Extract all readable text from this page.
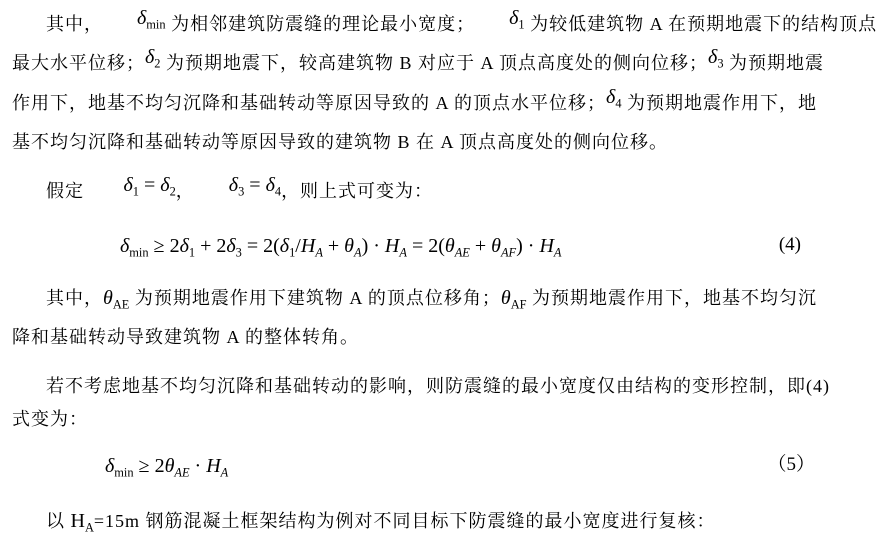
其中， $\delta_{min}$ 为相邻建筑防震缝的理论最小宽度； $\delta_1$ 为较低建筑物 A 在预期地震下的结构顶点
最大水平位移；$\delta_2$ 为预期地震下，较高建筑物 B 对应于 A 顶点高度处的侧向位移；$\delta_3$ 为预期地震
作用下，地基不均匀沉降和基础转动等原因导致的 A 的顶点水平位移；$\delta_4$ 为预期地震作用下，地
基不均匀沉降和基础转动等原因导致的建筑物 B 在 A 顶点高度处的侧向位移。
假定 $\delta_1 = \delta_2$， $\delta_3 = \delta_4$，则上式可变为：
$\delta_{min} \ge 2\delta_1 + 2\delta_3 = 2(\delta_1/H_A + \theta_A) \cdot H_A = 2(\theta_{AE} + \theta_{AF}) \cdot H_A$	(4)
其中，$\theta_{AE}$ 为预期地震作用下建筑物 A 的顶点位移角；$\theta_{AF}$ 为预期地震作用下，地基不均匀沉
降和基础转动导致建筑物 A 的整体转角。
若不考虑地基不均匀沉降和基础转动的影响，则防震缝的最小宽度仅由结构的变形控制，即(4)
式变为：
$\delta_{min} \ge 2\theta_{AE} \cdot H_A$	（5）
以 $H_A=15m$ 钢筋混凝土框架结构为例对不同目标下防震缝的最小宽度进行复核：
